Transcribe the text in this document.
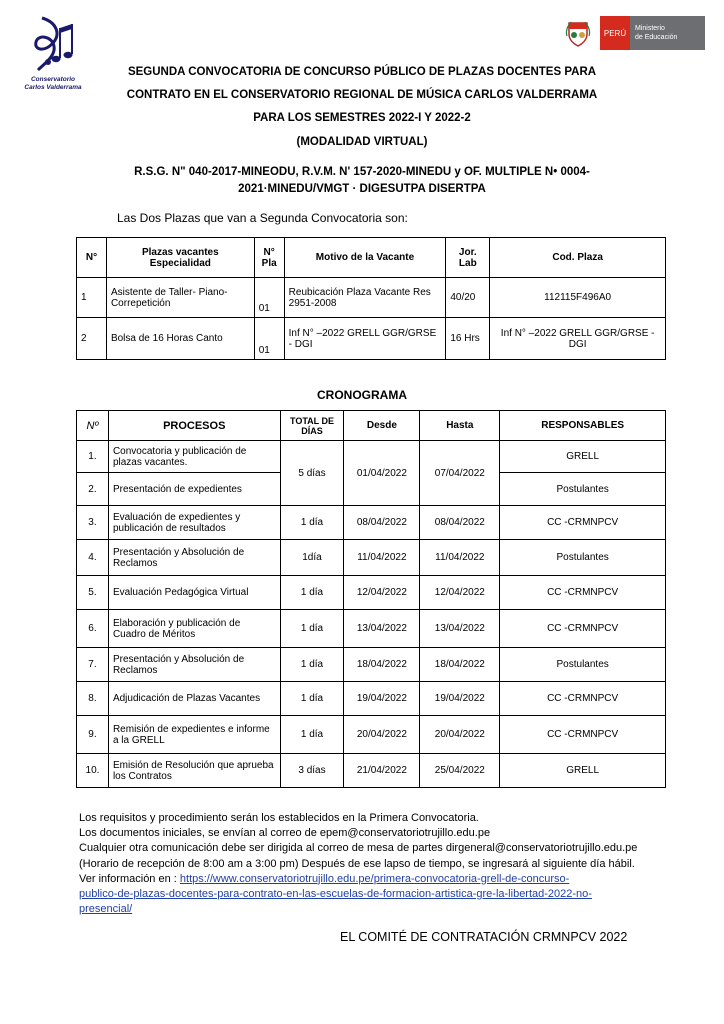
Conservatorio
Carlos Valderrama
PERÚ	Ministerio
de Educación
SEGUNDA CONVOCATORIA DE CONCURSO PÚBLICO DE PLAZAS DOCENTES PARA
CONTRATO EN EL CONSERVATORIO REGIONAL DE MÚSICA CARLOS VALDERRAMA
PARA LOS SEMESTRES 2022-I Y 2022-2
(MODALIDAD VIRTUAL)
R.S.G. N" 040-2017-MINEODU, R.V.M. N' 157-2020-MINEDU y OF. MULTIPLE N• 0004-
2021·MINEDU/VMGT · DIGESUTPA DISERTPA
Las Dos Plazas que van a Segunda Convocatoria son:
N°	Plazas vacantes Especialidad	N° Pla	Motivo de la Vacante	Jor. Lab	Cod. Plaza
1	Asistente de Taller- Piano-Correpetición	01	Reubicación Plaza Vacante Res 2951-2008	40/20	112115F496A0
2	Bolsa de 16 Horas Canto	01	Inf N° –2022 GRELL GGR/GRSE - DGI	16 Hrs	Inf N° –2022 GRELL GGR/GRSE - DGI
CRONOGRAMA
Nº	PROCESOS	TOTAL DE DÍAS	Desde	Hasta	RESPONSABLES
1.	Convocatoria y publicación de plazas vacantes.	5 días	01/04/2022	07/04/2022	GRELL
2.	Presentación de expedientes				Postulantes
3.	Evaluación de expedientes y publicación de resultados	1 día	08/04/2022	08/04/2022	CC -CRMNPCV
4.	Presentación y Absolución de Reclamos	1día	11/04/2022	11/04/2022	Postulantes
5.	Evaluación Pedagógica Virtual	1 día	12/04/2022	12/04/2022	CC -CRMNPCV
6.	Elaboración y publicación de Cuadro de Méritos	1 día	13/04/2022	13/04/2022	CC -CRMNPCV
7.	Presentación y Absolución de Reclamos	1 día	18/04/2022	18/04/2022	Postulantes
8.	Adjudicación de Plazas Vacantes	1 día	19/04/2022	19/04/2022	CC -CRMNPCV
9.	Remisión de expedientes e informe a la GRELL	1 día	20/04/2022	20/04/2022	CC -CRMNPCV
10.	Emisión de Resolución que aprueba los Contratos	3 días	21/04/2022	25/04/2022	GRELL
Los requisitos y procedimiento serán los establecidos en la Primera Convocatoria.
Los documentos iniciales, se envían al correo de epem@conservatoriotrujillo.edu.pe
Cualquier otra comunicación debe ser dirigida al correo de mesa de partes dirgeneral@conservatoriotrujillo.edu.pe
(Horario de recepción de 8:00 am a 3:00 pm) Después de ese lapso de tiempo, se ingresará al siguiente día hábil.
Ver información en : https://www.conservatoriotrujillo.edu.pe/primera-convocatoria-grell-de-concurso-
publico-de-plazas-docentes-para-contrato-en-las-escuelas-de-formacion-artistica-gre-la-libertad-2022-no-
presencial/
EL COMITÉ DE CONTRATACIÓN CRMNPCV 2022
